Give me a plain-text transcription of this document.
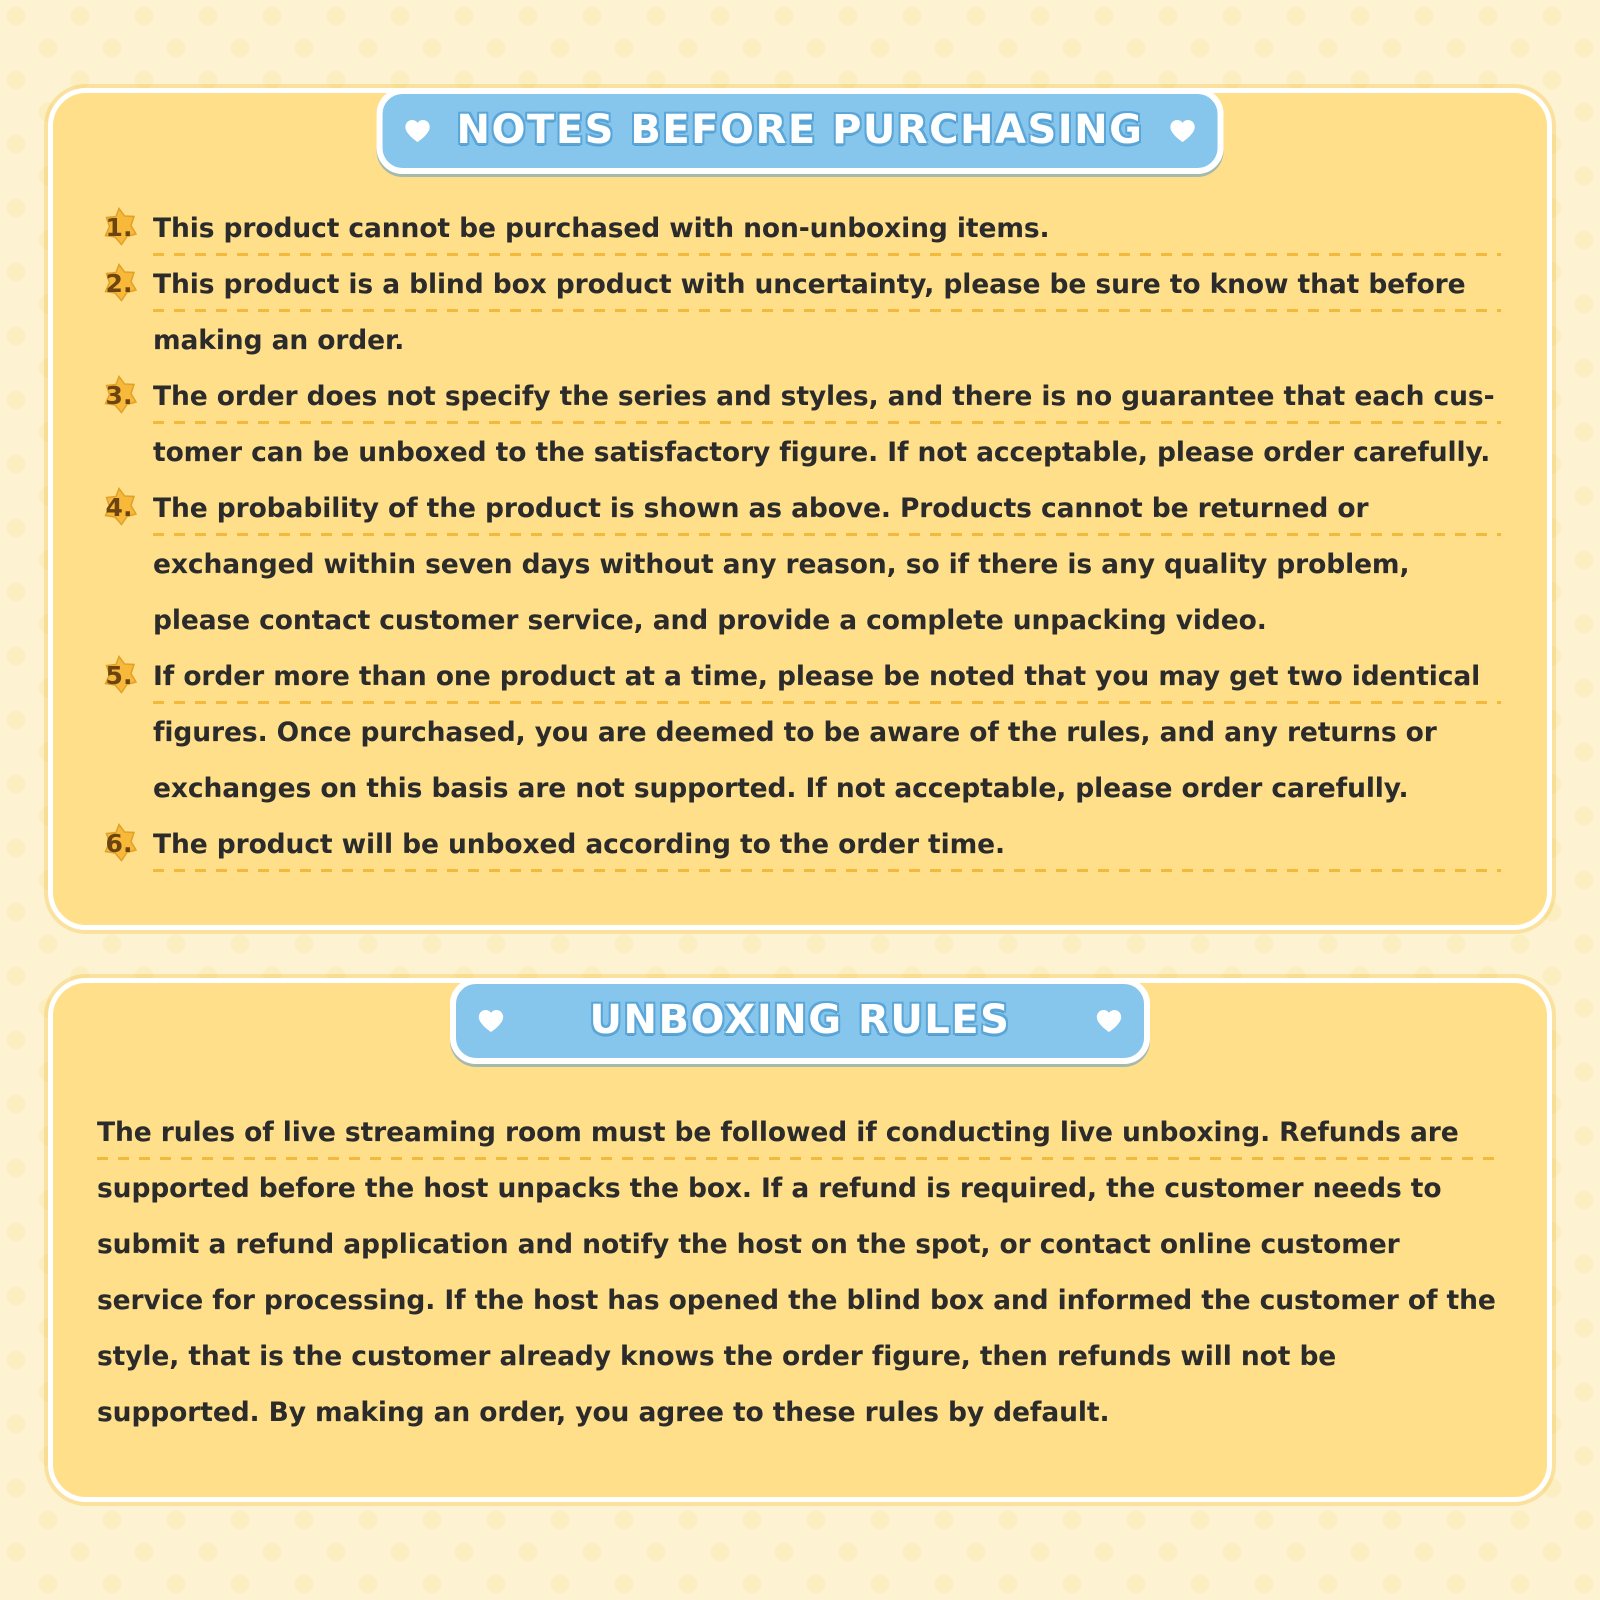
NOTES BEFORE PURCHASING
1. This product cannot be purchased with non-unboxing items.
2. This product is a blind box product with uncertainty, please be sure to know that before making an order.
3. The order does not specify the series and styles, and there is no guarantee that each cus-tomer can be unboxed to the satisfactory figure. If not acceptable, please order carefully.
4. The probability of the product is shown as above. Products cannot be returned or exchanged within seven days without any reason, so if there is any quality problem, please contact customer service, and provide a complete unpacking video.
5. If order more than one product at a time, please be noted that you may get two identical figures. Once purchased, you are deemed to be aware of the rules, and any returns or exchanges on this basis are not supported. If not acceptable, please order carefully.
6. The product will be unboxed according to the order time.
UNBOXING RULES

The rules of live streaming room must be followed if conducting live unboxing. Refunds are supported before the host unpacks the box. If a refund is required, the customer needs to submit a refund application and notify the host on the spot, or contact online customer service for processing. If the host has opened the blind box and informed the customer of the style, that is the customer already knows the order figure, then refunds will not be supported. By making an order, you agree to these rules by default.
